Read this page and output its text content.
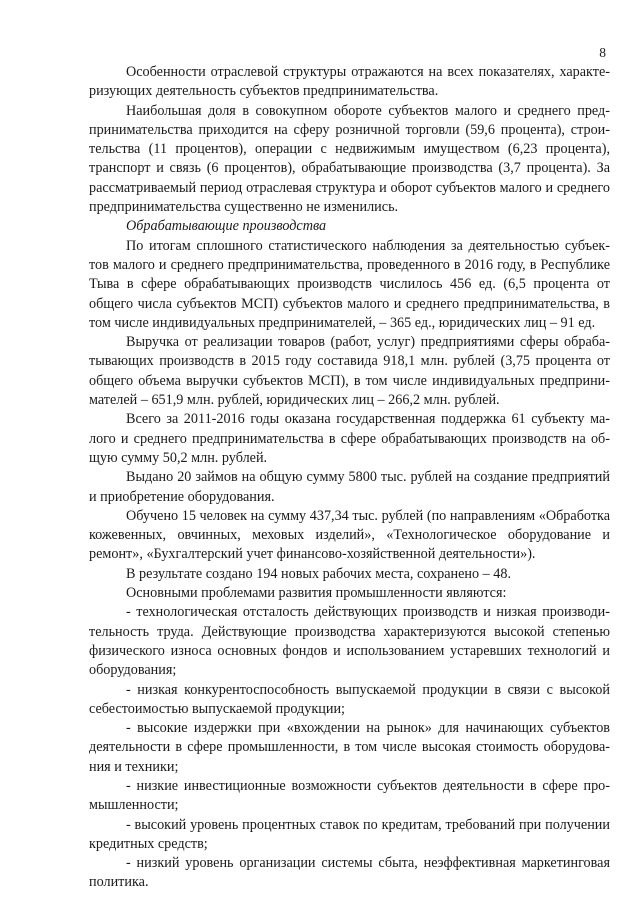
8

Особенности отраслевой структуры отражаются на всех показателях, характеризующих деятельность субъектов предпринимательства.

Наибольшая доля в совокупном обороте субъектов малого и среднего предпринимательства приходится на сферу розничной торговли (59,6 процента), строительства (11 процентов), операции с недвижимым имуществом (6,23 процента), транспорт и связь (6 процентов), обрабатывающие производства (3,7 процента). За рассматриваемый период отраслевая структура и оборот субъектов малого и среднего предпринимательства существенно не изменились.

Обрабатывающие производства

По итогам сплошного статистического наблюдения за деятельностью субъектов малого и среднего предпринимательства, проведенного в 2016 году, в Республике Тыва в сфере обрабатывающих производств числилось 456 ед. (6,5 процента от общего числа субъектов МСП) субъектов малого и среднего предпринимательства, в том числе индивидуальных предпринимателей, – 365 ед., юридических лиц – 91 ед.

Выручка от реализации товаров (работ, услуг) предприятиями сферы обрабатывающих производств в 2015 году составида 918,1 млн. рублей (3,75 процента от общего объема выручки субъектов МСП), в том числе индивидуальных предпринимателей – 651,9 млн. рублей, юридических лиц – 266,2 млн. рублей.

Всего за 2011-2016 годы оказана государственная поддержка 61 субъекту малого и среднего предпринимательства в сфере обрабатывающих производств на общую сумму 50,2 млн. рублей.

Выдано 20 займов на общую сумму 5800 тыс. рублей на создание предприятий и приобретение оборудования.

Обучено 15 человек на сумму 437,34 тыс. рублей (по направлениям «Обработка кожевенных, овчинных, меховых изделий», «Технологическое оборудование и ремонт», «Бухгалтерский учет финансово-хозяйственной деятельности»).

В результате создано 194 новых рабочих места, сохранено – 48.

Основными проблемами развития промышленности являются:

- технологическая отсталость действующих производств и низкая производительность труда. Действующие производства характеризуются высокой степенью физического износа основных фондов и использованием устаревших технологий и оборудования;

- низкая конкурентоспособность выпускаемой продукции в связи с высокой себестоимостью выпускаемой продукции;

- высокие издержки при «вхождении на рынок» для начинающих субъектов деятельности в сфере промышленности, в том числе высокая стоимость оборудования и техники;

- низкие инвестиционные возможности субъектов деятельности в сфере промышленности;

- высокий уровень процентных ставок по кредитам, требований при получении кредитных средств;

- низкий уровень организации системы сбыта, неэффективная маркетинговая политика.
